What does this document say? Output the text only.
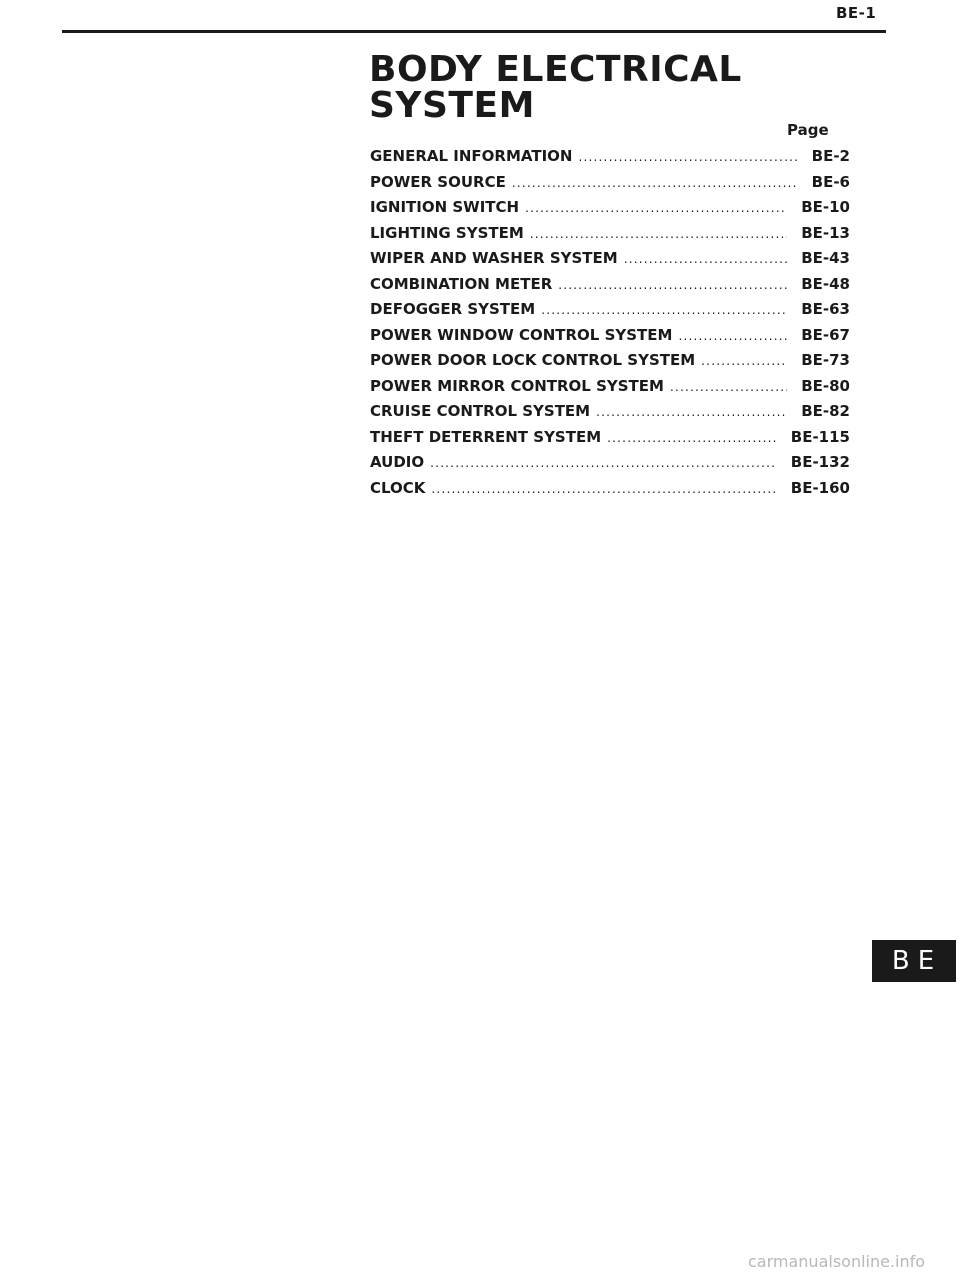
BE-1
BODY ELECTRICAL
SYSTEM
Page
GENERAL INFORMATION .....	BE-2
POWER SOURCE .....	BE-6
IGNITION SWITCH .....	BE-10
LIGHTING SYSTEM .....	BE-13
WIPER AND WASHER SYSTEM .....	BE-43
COMBINATION METER .....	BE-48
DEFOGGER SYSTEM .....	BE-63
POWER WINDOW CONTROL SYSTEM .....	BE-67
POWER DOOR LOCK CONTROL SYSTEM .....	BE-73
POWER MIRROR CONTROL SYSTEM .....	BE-80
CRUISE CONTROL SYSTEM .....	BE-82
THEFT DETERRENT SYSTEM .....	BE-115
AUDIO .....	BE-132
CLOCK .....	BE-160
BE
carmanualsonline.info
